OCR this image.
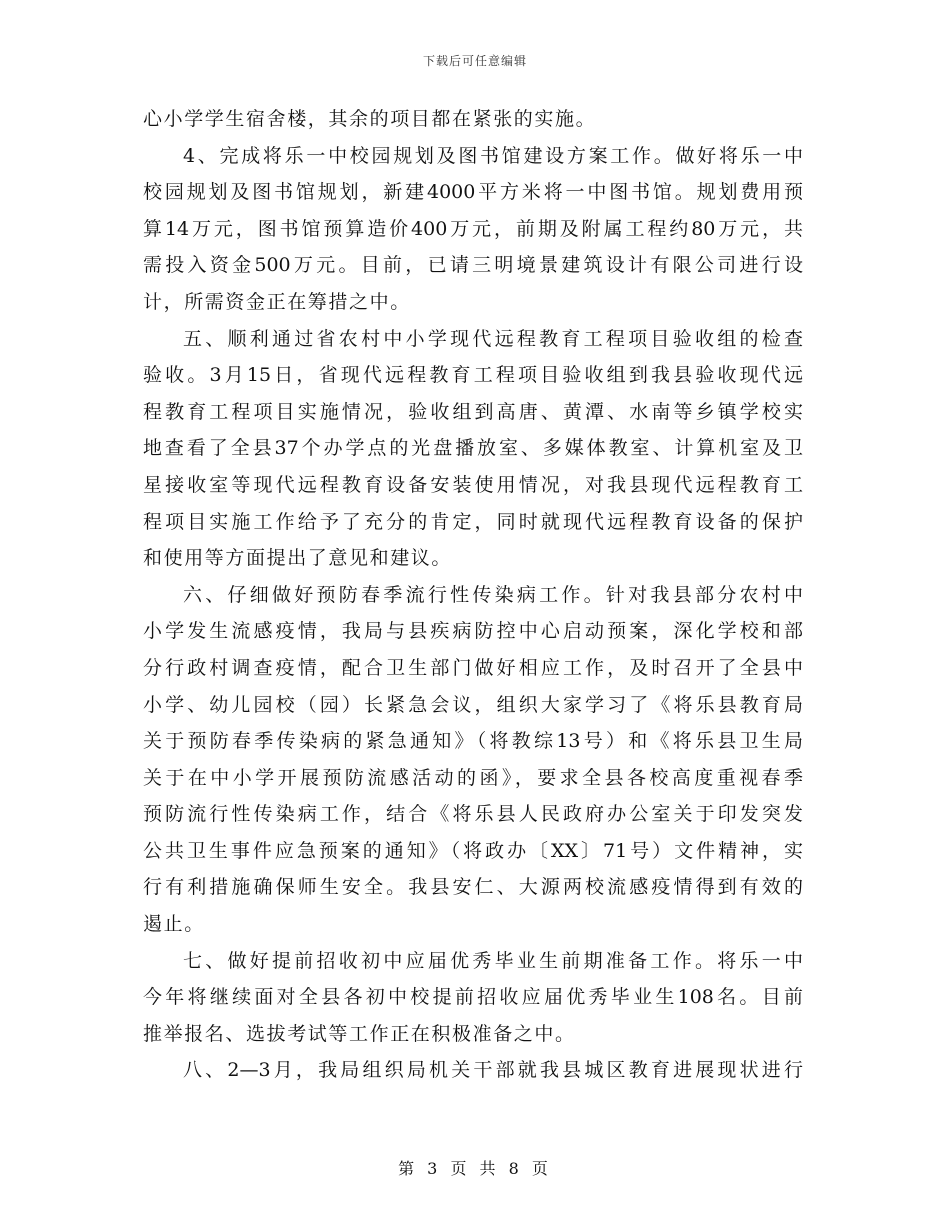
下载后可任意编辑
心小学学生宿舍楼，其余的项目都在紧张的实施。
4、完成将乐一中校园规划及图书馆建设方案工作。做好将乐一中
校园规划及图书馆规划，新建4000平方米将一中图书馆。规划费用预
算14万元，图书馆预算造价400万元，前期及附属工程约80万元，共
需投入资金500万元。目前，已请三明境景建筑设计有限公司进行设
计，所需资金正在筹措之中。
五、顺利通过省农村中小学现代远程教育工程项目验收组的检查
验收。3月15日，省现代远程教育工程项目验收组到我县验收现代远
程教育工程项目实施情况，验收组到高唐、黄潭、水南等乡镇学校实
地查看了全县37个办学点的光盘播放室、多媒体教室、计算机室及卫
星接收室等现代远程教育设备安装使用情况，对我县现代远程教育工
程项目实施工作给予了充分的肯定，同时就现代远程教育设备的保护
和使用等方面提出了意见和建议。
六、仔细做好预防春季流行性传染病工作。针对我县部分农村中
小学发生流感疫情，我局与县疾病防控中心启动预案，深化学校和部
分行政村调查疫情，配合卫生部门做好相应工作，及时召开了全县中
小学、幼儿园校（园）长紧急会议，组织大家学习了《将乐县教育局
关于预防春季传染病的紧急通知》（将教综13号）和《将乐县卫生局
关于在中小学开展预防流感活动的函》，要求全县各校高度重视春季
预防流行性传染病工作，结合《将乐县人民政府办公室关于印发突发
公共卫生事件应急预案的通知》（将政办〔XX〕71号）文件精神，实
行有利措施确保师生安全。我县安仁、大源两校流感疫情得到有效的
遏止。
七、做好提前招收初中应届优秀毕业生前期准备工作。将乐一中
今年将继续面对全县各初中校提前招收应届优秀毕业生108名。目前
推举报名、选拔考试等工作正在积极准备之中。
八、2—3月，我局组织局机关干部就我县城区教育进展现状进行
第 3 页 共 8 页
